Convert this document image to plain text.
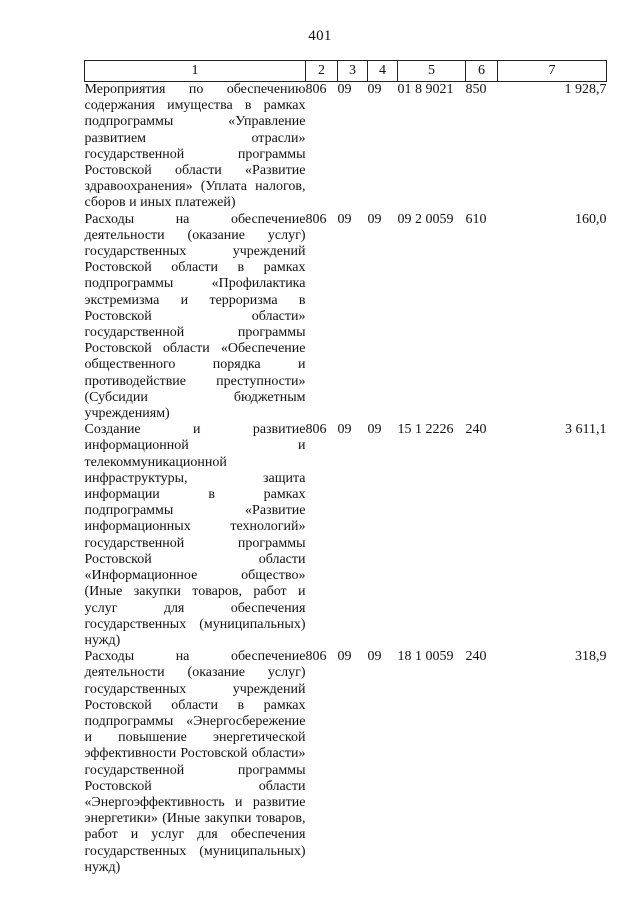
401
1	2	3	4	5	6	7
Мероприятия по обеспечению содержания имущества в рамках подпрограммы «Управление развитием отрасли» государственной программы Ростовской области «Развитие здравоохранения» (Уплата налогов, сборов и иных платежей)	806	09	09	01 8 9021	850	1 928,7
Расходы на обеспечение деятельности (оказание услуг) государственных учреждений Ростовской области в рамках подпрограммы «Профилактика экстремизма и терроризма в Ростовской области» государственной программы Ростовской области «Обеспечение общественного порядка и противодействие преступности» (Субсидии бюджетным учреждениям)	806	09	09	09 2 0059	610	160,0
Создание и развитие информационной и телекоммуникационной инфраструктуры, защита информации в рамках подпрограммы «Развитие информационных технологий» государственной программы Ростовской области «Информационное общество» (Иные закупки товаров, работ и услуг для обеспечения государственных (муниципальных) нужд)	806	09	09	15 1 2226	240	3 611,1
Расходы на обеспечение деятельности (оказание услуг) государственных учреждений Ростовской области в рамках подпрограммы «Энергосбережение и повышение энергетической эффективности Ростовской области» государственной программы Ростовской области «Энергоэффективность и развитие энергетики» (Иные закупки товаров, работ и услуг для обеспечения государственных (муниципальных) нужд)	806	09	09	18 1 0059	240	318,9
